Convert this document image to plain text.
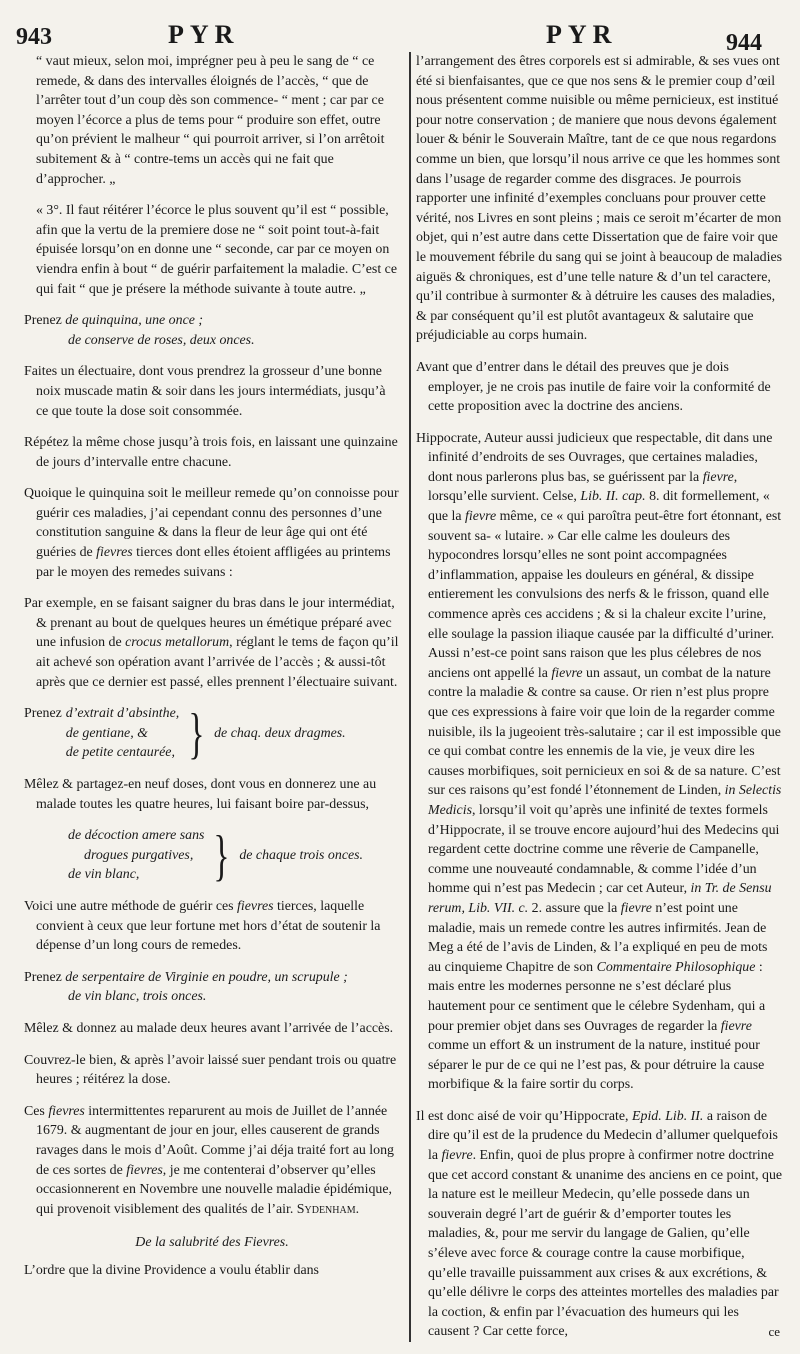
943	PYR	PYR	944

“ vaut mieux, selon moi, imprégner peu à peu le sang de “ ce remede, & dans des intervalles éloignés de l’accès, “ que de l’arrêter tout d’un coup dès son commence- “ ment ; car par ce moyen l’écorce a plus de tems pour “ produire son effet, outre qu’on prévient le malheur “ qui pourroit arriver, si l’on arrêtoit subitement & à “ contre-tems un accès qui ne fait que d’approcher. „

« 3°. Il faut réitérer l’écorce le plus souvent qu’il est “ possible, afin que la vertu de la premiere dose ne “ soit point tout-à-fait épuisée lorsqu’on en donne une “ seconde, car par ce moyen on viendra enfin à bout “ de guérir parfaitement la maladie. C’est ce qui fait “ que je présere la méthode suivante à toute autre. „

Prenez de quinquina, une once ;
de conserve de roses, deux onces.

Faites un électuaire, dont vous prendrez la grosseur d’une bonne noix muscade matin & soir dans les jours intermédiats, jusqu’à ce que toute la dose soit consommée.

Répétez la même chose jusqu’à trois fois, en laissant une quinzaine de jours d’intervalle entre chacune.

Quoique le quinquina soit le meilleur remede qu’on connoisse pour guérir ces maladies, j’ai cependant connu des personnes d’une constitution sanguine & dans la fleur de leur âge qui ont été guéries de fievres tierces dont elles étoient affligées au printems par le moyen des remedes suivans :

Par exemple, en se faisant saigner du bras dans le jour intermédiat, & prenant au bout de quelques heures un émétique préparé avec une infusion de crocus metallorum, réglant le tems de façon qu’il ait achevé son opération avant l’arrivée de l’accès ; & aussi-tôt après que ce dernier est passé, elles prennent l’électuaire suivant.

Prenez d’extrait d’absinthe,
de gentiane, &
de petite centaurée, } de chaq. deux dragmes.

Mêlez & partagez-en neuf doses, dont vous en donnerez une au malade toutes les quatre heures, lui faisant boire par-dessus,

de décoction amere sans
drogues purgatives,
de vin blanc,	} de chaque trois onces.

Voici une autre méthode de guérir ces fievres tierces, laquelle convient à ceux que leur fortune met hors d’état de soutenir la dépense d’un long cours de remedes.

Prenez de serpentaire de Virginie en poudre, un scrupule ;
de vin blanc, trois onces.

Mêlez & donnez au malade deux heures avant l’arrivée de l’accès.

Couvrez-le bien, & après l’avoir laissé suer pendant trois ou quatre heures ; réitérez la dose.

Ces fievres intermittentes reparurent au mois de Juillet de l’année 1679. & augmentant de jour en jour, elles causerent de grands ravages dans le mois d’Août. Comme j’ai déja traité fort au long de ces sortes de fievres, je me contenterai d’observer qu’elles occasionnerent en Novembre une nouvelle maladie épidémique, qui provenoit visiblement des qualités de l’air. Sydenham.

De la salubrité des Fievres.

L’ordre que la divine Providence a voulu établir dans

l’arrangement des êtres corporels est si admirable, & ses vues ont été si bienfaisantes, que ce que nos sens & le premier coup d’œil nous présentent comme nuisible ou même pernicieux, est institué pour notre conservation ; de maniere que nous devons également louer & bénir le Souverain Maître, tant de ce que nous regardons comme un bien, que lorsqu’il nous arrive ce que les hommes sont dans l’usage de regarder comme des disgraces. Je pourrois rapporter une infinité d’exemples concluans pour prouver cette vérité, nos Livres en sont pleins ; mais ce seroit m’écarter de mon objet, qui n’est autre dans cette Dissertation que de faire voir que le mouvement fébrile du sang qui se joint à beaucoup de maladies aiguës & chroniques, est d’une telle nature & d’un tel caractere, qu’il contribue à surmonter & à détruire les causes des maladies, & par conséquent qu’il est plutôt avantageux & salutaire que préjudiciable au corps humain.

Avant que d’entrer dans le détail des preuves que je dois employer, je ne crois pas inutile de faire voir la conformité de cette proposition avec la doctrine des anciens.

Hippocrate, Auteur aussi judicieux que respectable, dit dans une infinité d’endroits de ses Ouvrages, que certaines maladies, dont nous parlerons plus bas, se guérissent par la fievre, lorsqu’elle survient. Celse, Lib. II. cap. 8. dit formellement, « que la fievre même, ce « qui paroîtra peut-être fort étonnant, est souvent sa- « lutaire. » Car elle calme les douleurs des hypocondres lorsqu’elles ne sont point accompagnées d’inflammation, appaise les douleurs en général, & dissipe entierement les convulsions des nerfs & le frisson, quand elle commence après ces accidens ; & si la chaleur excite l’urine, elle soulage la passion iliaque causée par la difficulté d’uriner. Aussi n’est-ce point sans raison que les plus célebres de nos anciens ont appellé la fievre un assaut, un combat de la nature contre la maladie & contre sa cause. Or rien n’est plus propre que ces expressions à faire voir que loin de la regarder comme nuisible, ils la jugeoient très-salutaire ; car il est impossible que ce qui combat contre les ennemis de la vie, je veux dire les causes morbifiques, soit pernicieux en soi & de sa nature. C’est sur ces raisons qu’est fondé l’étonnement de Linden, in Selectis Medicis, lorsqu’il voit qu’après une infinité de textes formels d’Hippocrate, il se trouve encore aujourd’hui des Medecins qui regardent cette doctrine comme une rêverie de Campanelle, comme une nouveauté condamnable, & comme l’idée d’un homme qui n’est pas Medecin ; car cet Auteur, in Tr. de Sensu rerum, Lib. VII. c. 2. assure que la fievre n’est point une maladie, mais un remede contre les autres infirmités. Jean de Meg a été de l’avis de Linden, & l’a expliqué en peu de mots au cinquieme Chapitre de son Commentaire Philosophique : mais entre les modernes personne ne s’est déclaré plus hautement pour ce sentiment que le célebre Sydenham, qui a pour premier objet dans ses Ouvrages de regarder la fievre comme un effort & un instrument de la nature, institué pour séparer le pur de ce qui ne l’est pas, & pour détruire la cause morbifique & la faire sortir du corps.

Il est donc aisé de voir qu’Hippocrate, Epid. Lib. II. a raison de dire qu’il est de la prudence du Medecin d’allumer quelquefois la fievre. Enfin, quoi de plus propre à confirmer notre doctrine que cet accord constant & unanime des anciens en ce point, que la nature est le meilleur Medecin, qu’elle possede dans un souverain degré l’art de guérir & d’emporter toutes les maladies, &, pour me servir du langage de Galien, qu’elle s’éleve avec force & courage contre la cause morbifique, qu’elle travaille puissamment aux crises & aux excrétions, & qu’elle délivre le corps des atteintes mortelles des maladies par la coction, & enfin par l’évacuation des humeurs qui les causent ? Car cette force,	ce
